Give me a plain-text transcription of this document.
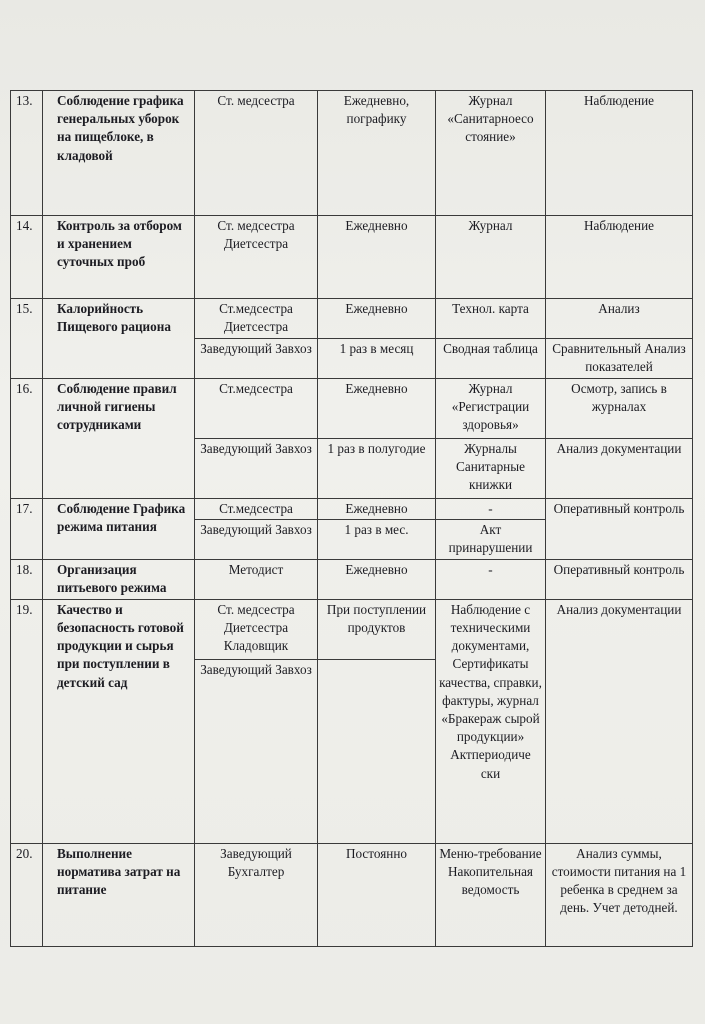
13.	Соблюдение графика генеральных уборок на пищеблоке, в кладовой	Ст. медсестра	Ежедневно, пографику	Журнал «Санитарноесо стояние»	Наблюдение
14.	Контроль за отбором и хранением суточных проб	Ст. медсестра Диетсестра	Ежедневно	Журнал	Наблюдение
15.	Калорийность Пищевого рациона	Ст.медсестра Диетсестра	Ежедневно	Технол. карта	Анализ
		Заведующий Завхоз	1 раз в месяц	Сводная таблица	Сравнительный Анализ показателей
16.	Соблюдение правил личной гигиены сотрудниками	Ст.медсестра	Ежедневно	Журнал «Регистрации здоровья»	Осмотр, запись в журналах
		Заведующий Завхоз	1 раз в полугодие	Журналы Санитарные книжки	Анализ документации
17.	Соблюдение Графика режима питания	Ст.медсестра	Ежедневно	-	Оперативный контроль
		Заведующий Завхоз	1 раз в мес.	Акт принарушении	
18.	Организация питьевого режима	Методист	Ежедневно	-	Оперативный контроль
19.	Качество и безопасность готовой продукции и сырья при поступлении в детский сад	Ст. медсестра Диетсестра Кладовщик	При поступлении продуктов	Наблюдение с техническими документами, Сертификаты качества, справки, фактуры, журнал «Бракераж сырой продукции» Актпериодиче ски	Анализ документации
		Заведующий Завхоз			
20.	Выполнение норматива затрат на питание	Заведующий Бухгалтер	Постоянно	Меню-требование Накопительная ведомость	Анализ суммы, стоимости питания на 1 ребенка в среднем за день. Учет детодней.
